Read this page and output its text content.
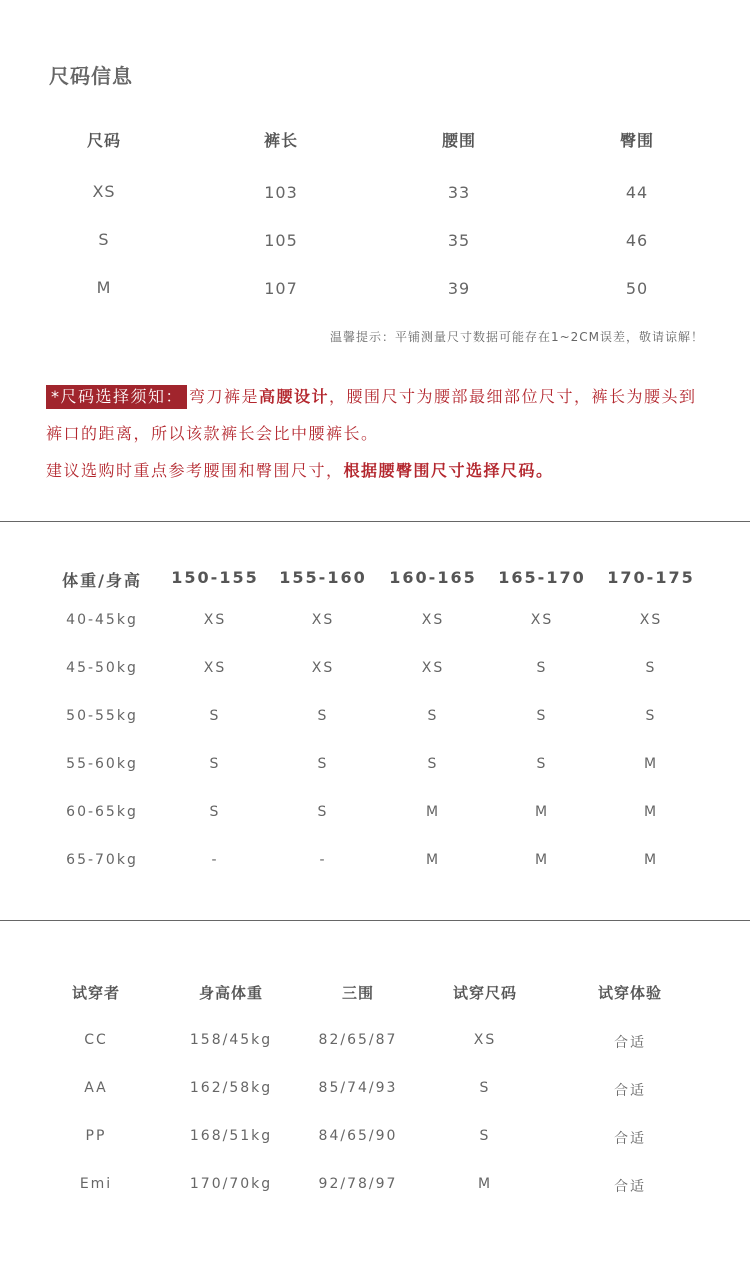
尺码信息
尺码	裤长	腰围	臀围
XS	103	33	44
S	105	35	46
M	107	39	50
温馨提示：平铺测量尺寸数据可能存在1~2CM误差，敬请谅解！
*尺码选择须知： 弯刀裤是高腰设计，腰围尺寸为腰部最细部位尺寸，裤长为腰头到裤口的距离，所以该款裤长会比中腰裤长。
建议选购时重点参考腰围和臀围尺寸，根据腰臀围尺寸选择尺码。
体重/身高	150-155	155-160	160-165	165-170	170-175
40-45kg	XS	XS	XS	XS	XS
45-50kg	XS	XS	XS	S	S
50-55kg	S	S	S	S	S
55-60kg	S	S	S	S	M
60-65kg	S	S	M	M	M
65-70kg	-	-	M	M	M
试穿者	身高体重	三围	试穿尺码	试穿体验
CC	158/45kg	82/65/87	XS	合适
AA	162/58kg	85/74/93	S	合适
PP	168/51kg	84/65/90	S	合适
Emi	170/70kg	92/78/97	M	合适
